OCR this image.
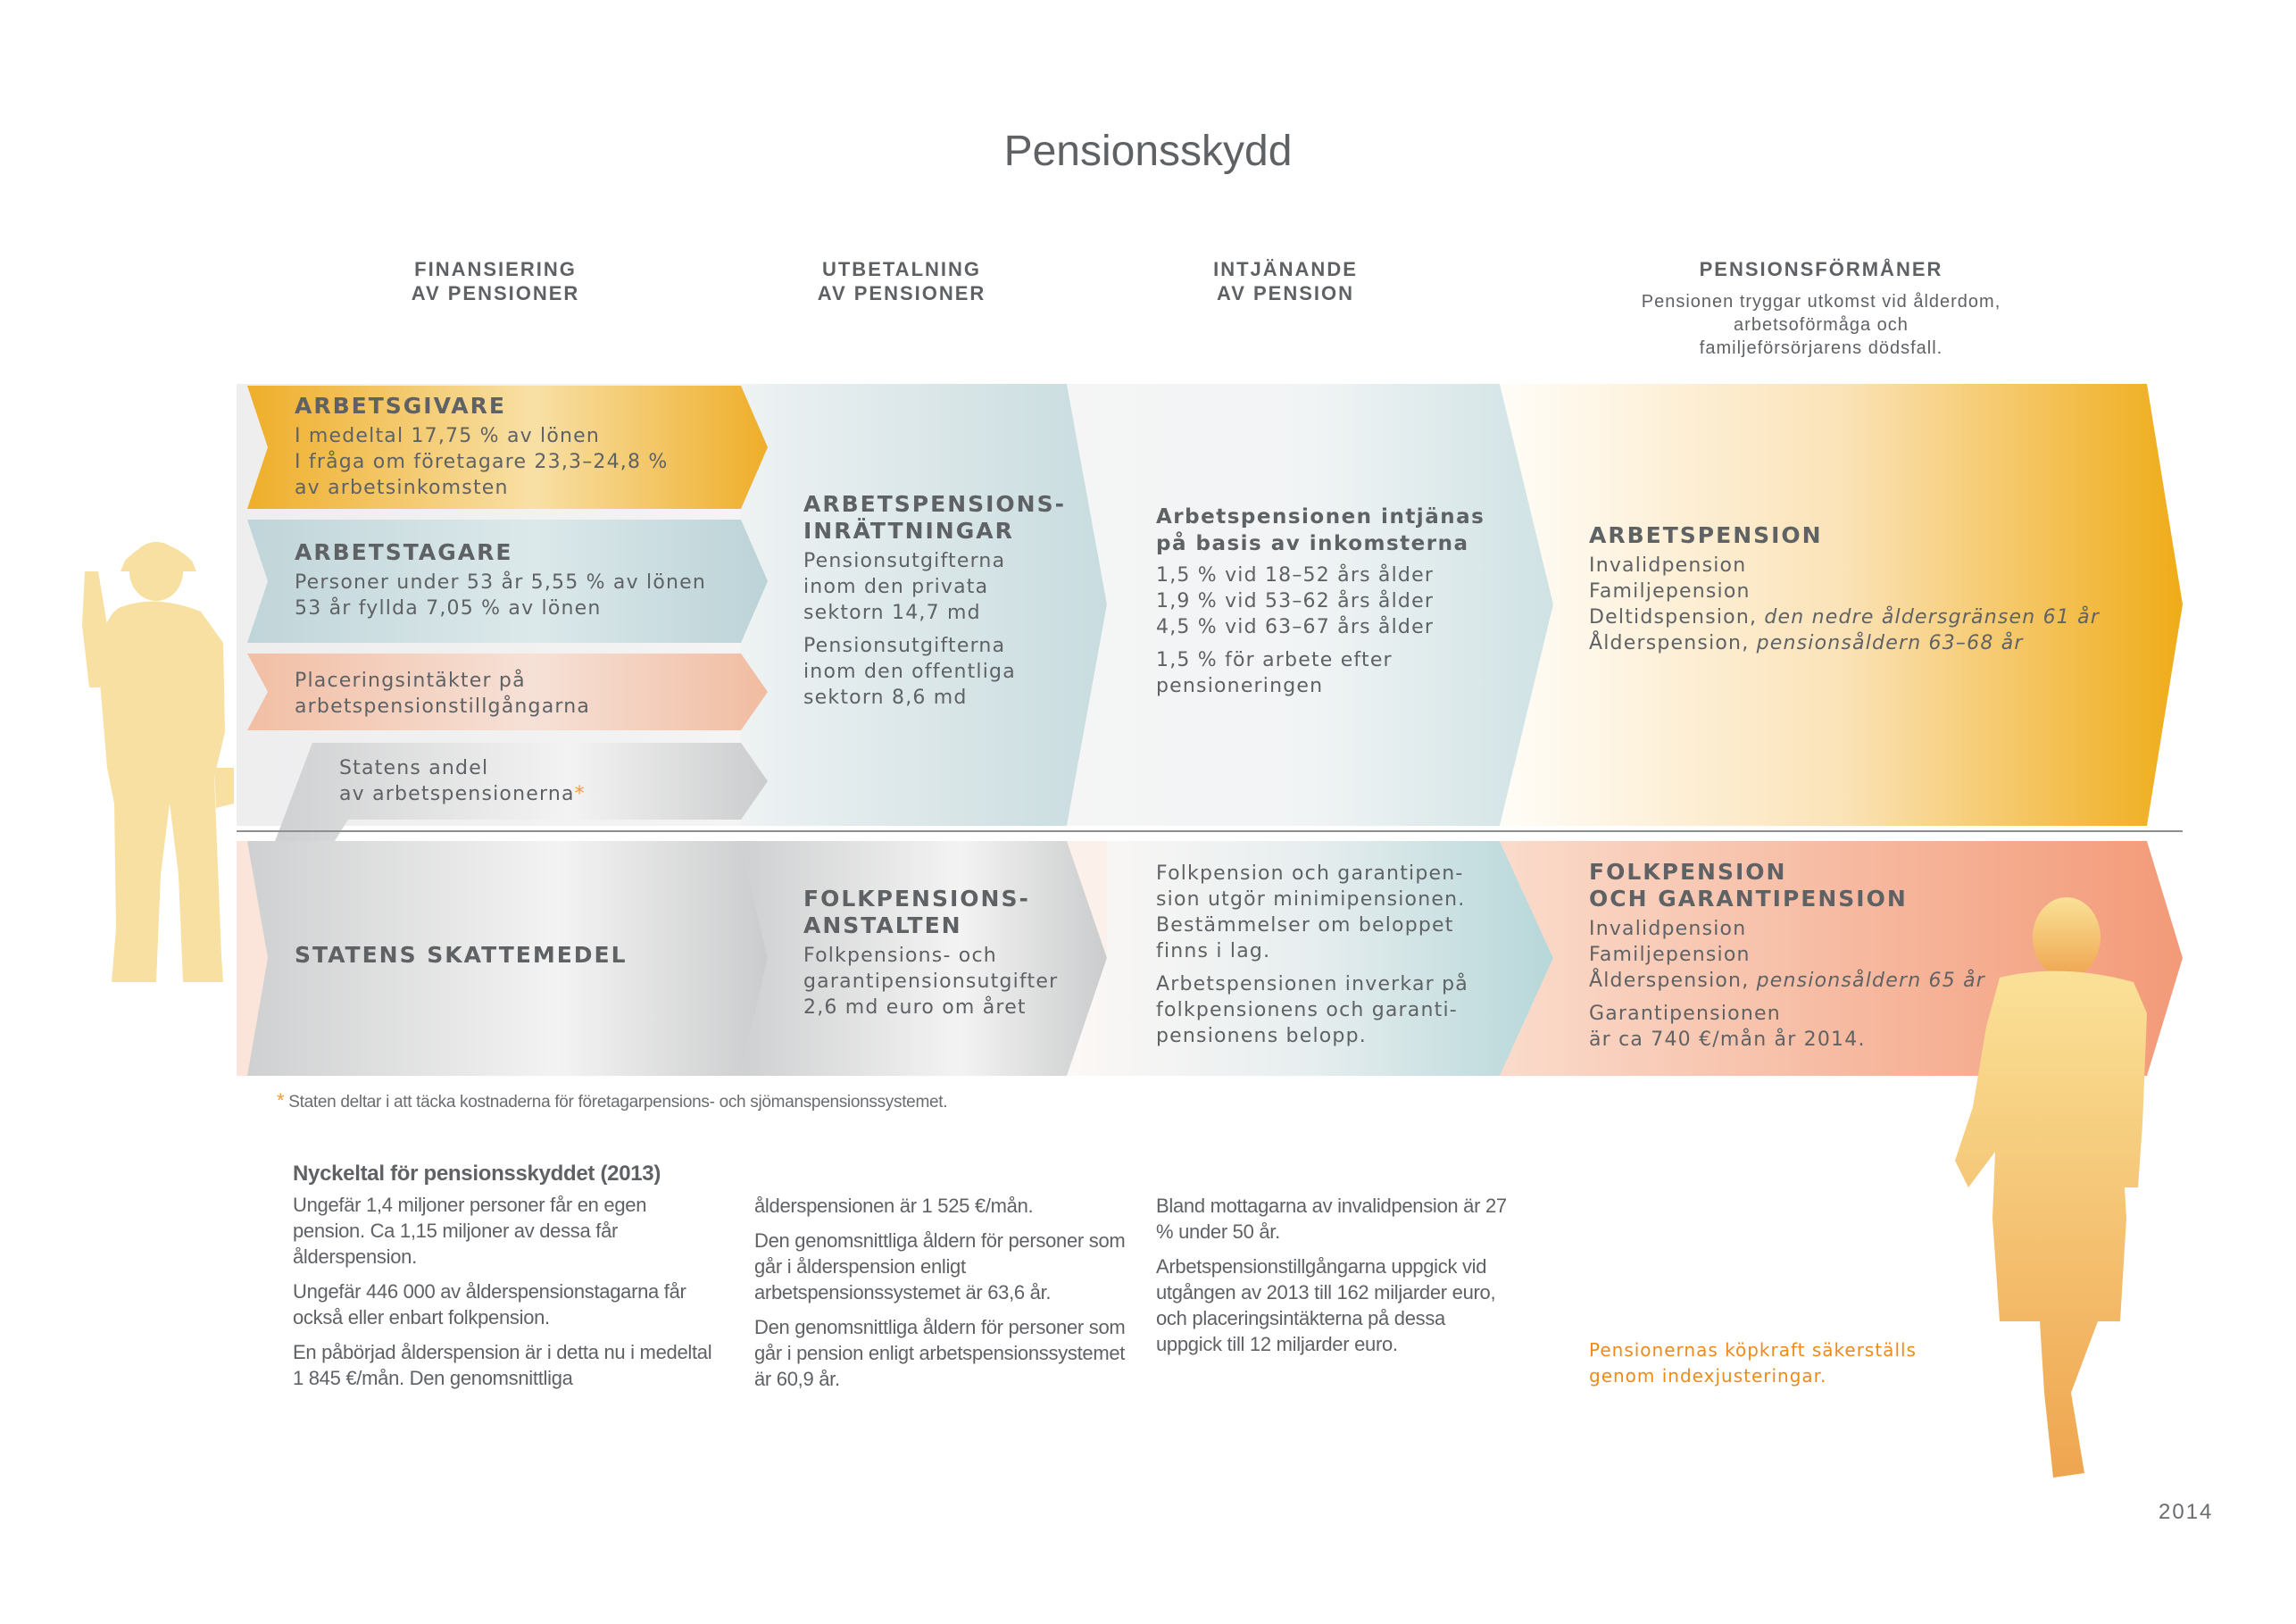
Pensionsskydd
FINANSIERING
AV PENSIONER
UTBETALNING
AV PENSIONER
INTJÄNANDE
AV PENSION
PENSIONSFÖRMÅNER
Pensionen tryggar utkomst vid ålderdom,
arbetsoförmåga och
familjeförsörjarens dödsfall.
ARBETSGIVARE
I medeltal 17,75 % av lönen
I fråga om företagare 23,3–24,8 %
av arbetsinkomsten
ARBETSTAGARE
Personer under 53 år 5,55 % av lönen
53 år fyllda 7,05 % av lönen
Placeringsintäkter på
arbetspensionstillgångarna
Statens andel
av arbetspensionerna*
STATENS SKATTEMEDEL
ARBETSPENSIONS-
INRÄTTNINGAR
Pensionsutgifterna
inom den privata
sektorn 14,7 md
Pensionsutgifterna
inom den offentliga
sektorn 8,6 md
FOLKPENSIONS-
ANSTALTEN
Folkpensions- och
garantipensionsutgifter
2,6 md euro om året
Arbetspensionen intjänas
på basis av inkomsterna
1,5 % vid 18–52 års ålder
1,9 % vid 53–62 års ålder
4,5 % vid 63–67 års ålder
1,5 % för arbete efter
pensioneringen
Folkpension och garantipen-
sion utgör minimipensionen.
Bestämmelser om beloppet
finns i lag.
Arbetspensionen inverkar på
folkpensionens och garanti-
pensionens belopp.
ARBETSPENSION
Invalidpension
Familjepension
Deltidspension, den nedre åldersgränsen 61 år
Ålderspension, pensionsåldern 63–68 år
FOLKPENSION
OCH GARANTIPENSION
Invalidpension
Familjepension
Ålderspension, pensionsåldern 65 år
Garantipensionen
är ca 740 €/mån år 2014.
* Staten deltar i att täcka kostnaderna för företagarpensions- och sjömanspensionssystemet.
Nyckeltal för pensionsskyddet (2013)

Ungefär 1,4 miljoner personer får en egen pension. Ca 1,15 miljoner av dessa får ålderspension.

Ungefär 446 000 av ålderspensionstagarna får också eller enbart folkpension.

En påbörjad ålderspension är i detta nu i medeltal 1 845 €/mån. Den genomsnittliga

ålderspensionen är 1 525 €/mån.

Den genomsnittliga åldern för personer som går i ålderspension enligt arbetspensionssystemet är 63,6 år.

Den genomsnittliga åldern för personer som går i pension enligt arbetspensionssystemet är 60,9 år.

Bland mottagarna av invalidpension är 27 % under 50 år.

Arbetspensionstillgångarna uppgick vid utgången av 2013 till 162 miljarder euro, och placeringsintäkterna på dessa uppgick till 12 miljarder euro.	Pensionernas köpkraft säkerställs
genom indexjusteringar.
2014
